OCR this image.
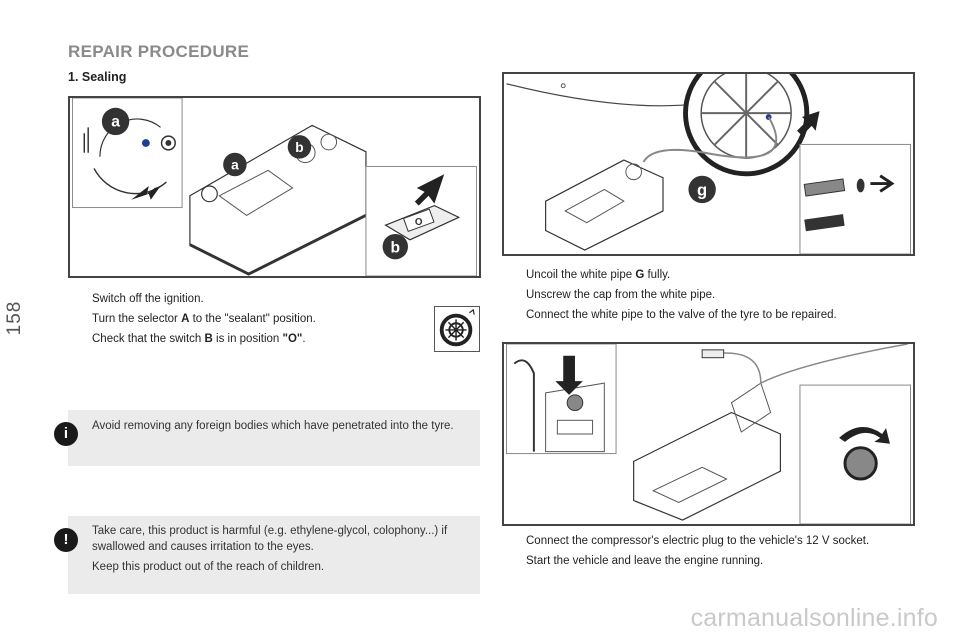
158
REPAIR PROCEDURE
1. Sealing
a
a
b
O
b
Switch off the ignition.
Turn the selector A to the "sealant" position.
Check that the switch B is in position "O".
i	Avoid removing any foreign bodies which have penetrated into the tyre.

!	Take care, this product is harmful (e.g. ethylene-glycol, colophony...) if swallowed and causes irritation to the eyes.

Keep this product out of the reach of children.

g
Uncoil the white pipe G fully.
Unscrew the cap from the white pipe.
Connect the white pipe to the valve of the tyre to be repaired.
Connect the compressor's electric plug to the vehicle's 12 V socket.
Start the vehicle and leave the engine running.
carmanualsonline.info
